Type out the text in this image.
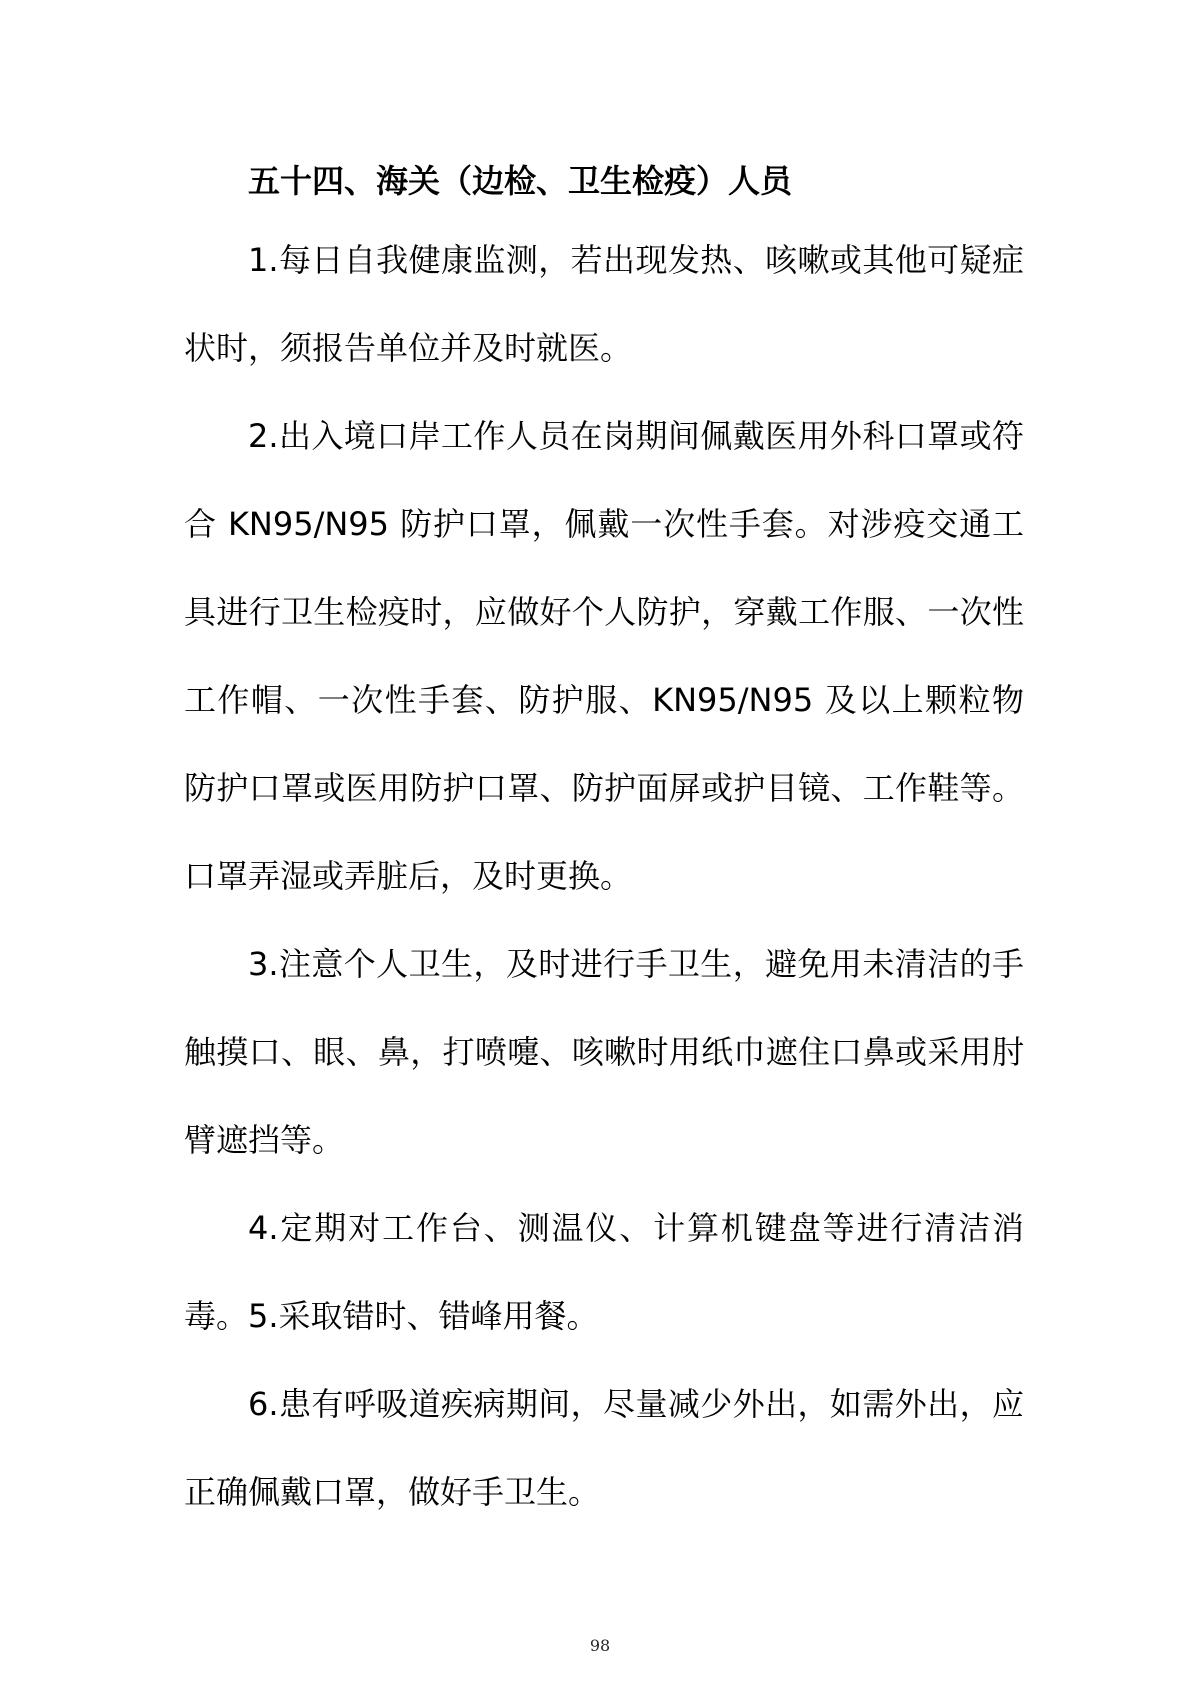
五十四、海关（边检、卫生检疫）人员

1.每日自我健康监测，若出现发热、咳嗽或其他可疑症状时，须报告单位并及时就医。

2.出入境口岸工作人员在岗期间佩戴医用外科口罩或符合 KN95/N95 防护口罩，佩戴一次性手套。对涉疫交通工具进行卫生检疫时，应做好个人防护，穿戴工作服、一次性工作帽、一次性手套、防护服、KN95/N95 及以上颗粒物防护口罩或医用防护口罩、防护面屏或护目镜、工作鞋等。口罩弄湿或弄脏后，及时更换。

3.注意个人卫生，及时进行手卫生，避免用未清洁的手触摸口、眼、鼻，打喷嚏、咳嗽时用纸巾遮住口鼻或采用肘臂遮挡等。

4.定期对工作台、测温仪、计算机键盘等进行清洁消毒。 5.采取错时、错峰用餐。

6.患有呼吸道疾病期间，尽量减少外出，如需外出，应正确佩戴口罩，做好手卫生。

98
